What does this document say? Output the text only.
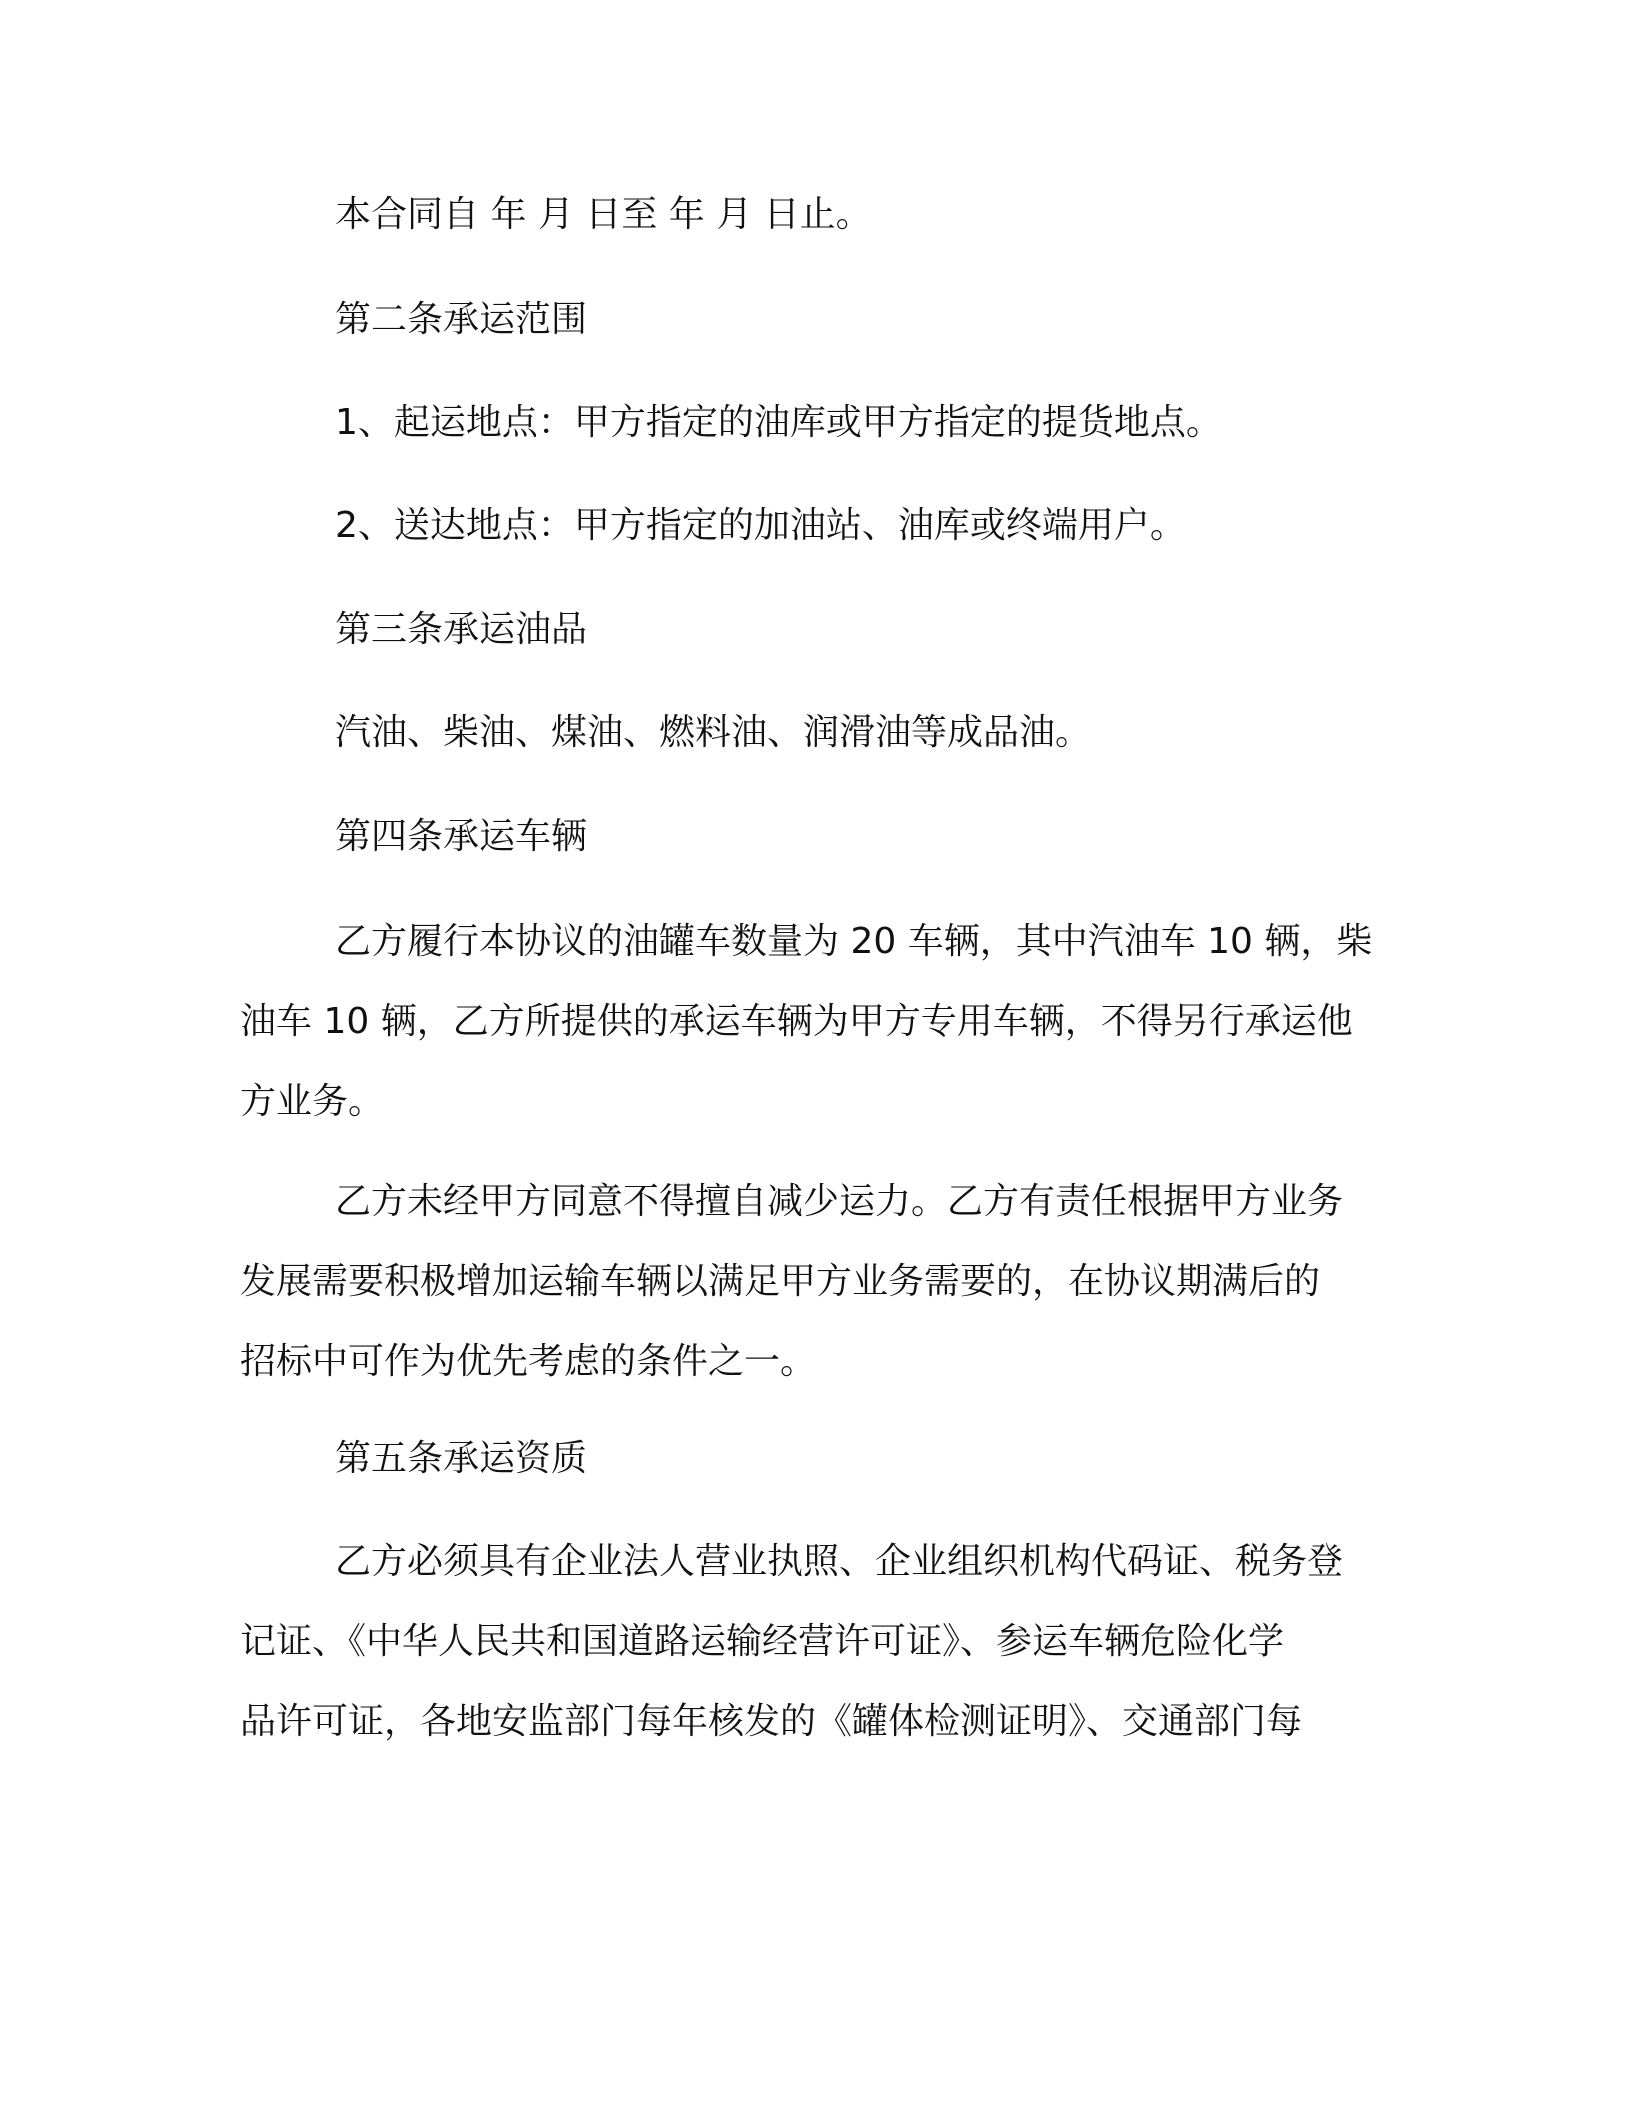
本合同自 年 月 日至 年 月 日止。

第二条承运范围

1、起运地点：甲方指定的油库或甲方指定的提货地点。

2、送达地点：甲方指定的加油站、油库或终端用户。

第三条承运油品

汽油、柴油、煤油、燃料油、润滑油等成品油。

第四条承运车辆

乙方履行本协议的油罐车数量为 20 车辆，其中汽油车 10 辆，柴
油车 10 辆，乙方所提供的承运车辆为甲方专用车辆，不得另行承运他
方业务。
乙方未经甲方同意不得擅自减少运力。乙方有责任根据甲方业务
发展需要积极增加运输车辆以满足甲方业务需要的，在协议期满后的
招标中可作为优先考虑的条件之一。

第五条承运资质

乙方必须具有企业法人营业执照、企业组织机构代码证、税务登
记证、《中华人民共和国道路运输经营许可证》、参运车辆危险化学
品许可证，各地安监部门每年核发的《罐体检测证明》、交通部门每
